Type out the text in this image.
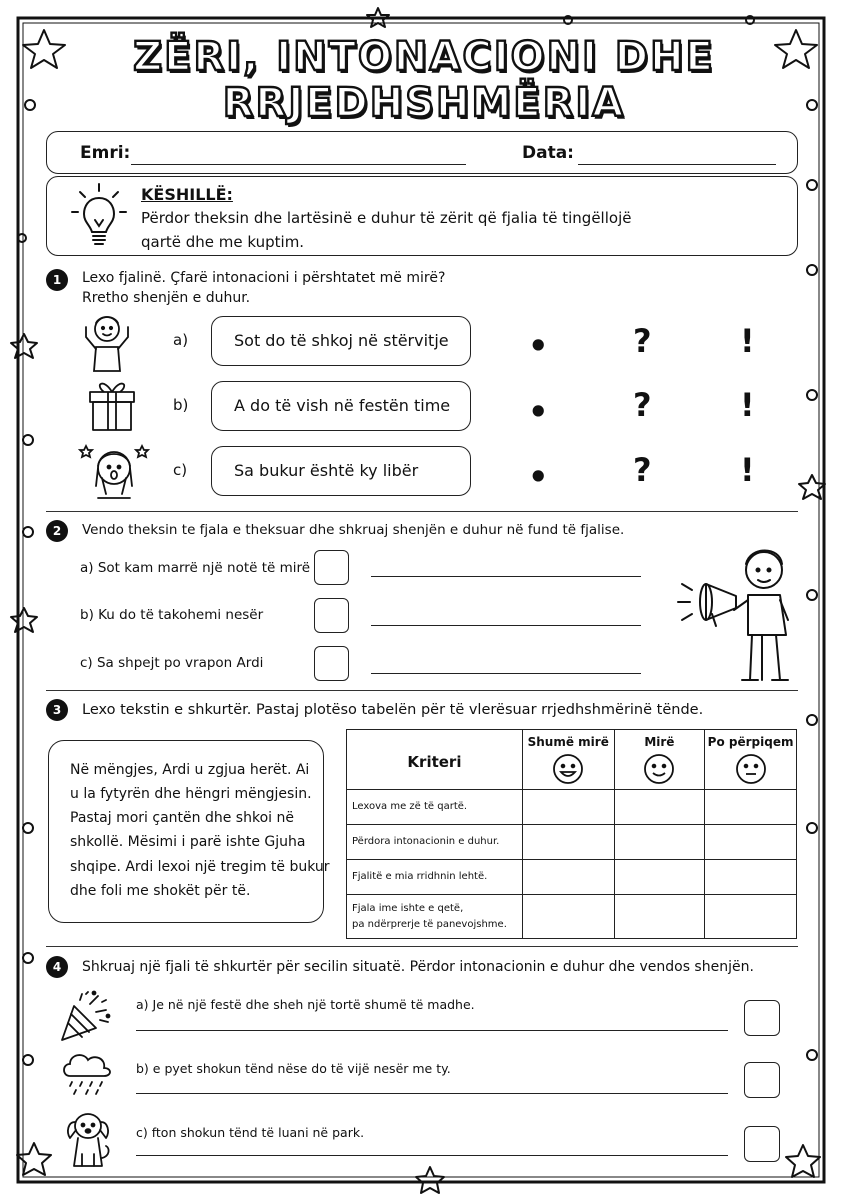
ZËRI, INTONACIONI DHE
RRJEDHSHMËRIA
Emri:	Data:
KËSHILLË:
Përdor theksin dhe lartësinë e duhur të zërit që fjalia të tingëllojë
qartë dhe me kuptim.
1	Lexo fjalinë. Çfarë intonacioni i përshtatet më mirë?
Rretho shenjën e duhur.
a)	Sot do të shkoj në stërvitje	•	?	!
b)	A do të vish në festën time	•	?	!
c)	Sa bukur është ky libër	•	?	!
2	Vendo theksin te fjala e theksuar dhe shkruaj shenjën e duhur në fund të fjalise.
a) Sot kam marrë një notë të mirë
b) Ku do të takohemi nesër
c) Sa shpejt po vrapon Ardi
3	Lexo tekstin e shkurtër. Pastaj plotëso tabelën për të vlerësuar rrjedhshmërinë tënde.
Në mëngjes, Ardi u zgjua herët. Ai
u la fytyrën dhe hëngri mëngjesin.
Pastaj mori çantën dhe shkoi në
shkollë. Mësimi i parë ishte Gjuha
shqipe. Ardi lexoi një tregim të bukur
dhe foli me shokët për të.
Kriteri	Shumë mirë	Mirë	Po përpiqem

Lexova me zë të qartë.			
Përdora intonacionin e duhur.			
Fjalitë e mia rridhnin lehtë.			

Fjala ime ishte e qetë,
pa ndërprerje të panevojshme.			

4	Shkruaj një fjali të shkurtër për secilin situatë. Përdor intonacionin e duhur dhe vendos shenjën.
a) Je në një festë dhe sheh një tortë shumë të madhe.
b) e pyet shokun tënd nëse do të vijë nesër me ty.
c) fton shokun tënd të luani në park.
